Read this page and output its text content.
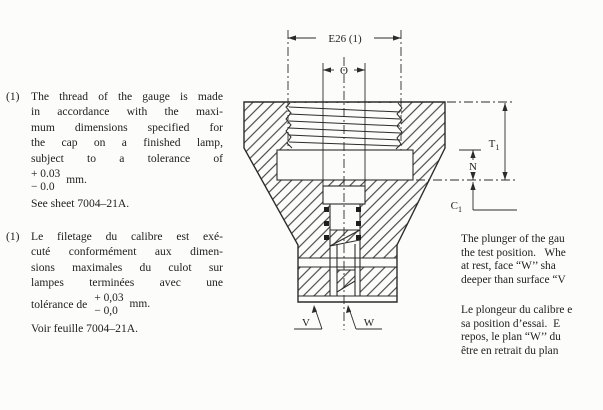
E26 (1)
O
$T_1$
N
$C_1$
V	W
(1) The thread of the gauge is made
in accordance with the maxi-
mum dimensions specified for
the cap on a finished lamp,
subject to a tolerance of
+ 0.03
− 0.0
mm.
See sheet 7004–21A.
(1) Le filetage du calibre est exé-
cuté conformément aux dimen-
sions maximales du culot sur
lampes terminées avec une
tolérance de
+ 0,03
− 0,0
mm.
Voir feuille 7004–21A.
The plunger of the gau
the test position.   Whe
at rest, face “W’’ sha
deeper than surface “V
Le plongeur du calibre e
sa position d’essai.  E
repos, le plan “W’’ du
être en retrait du plan
